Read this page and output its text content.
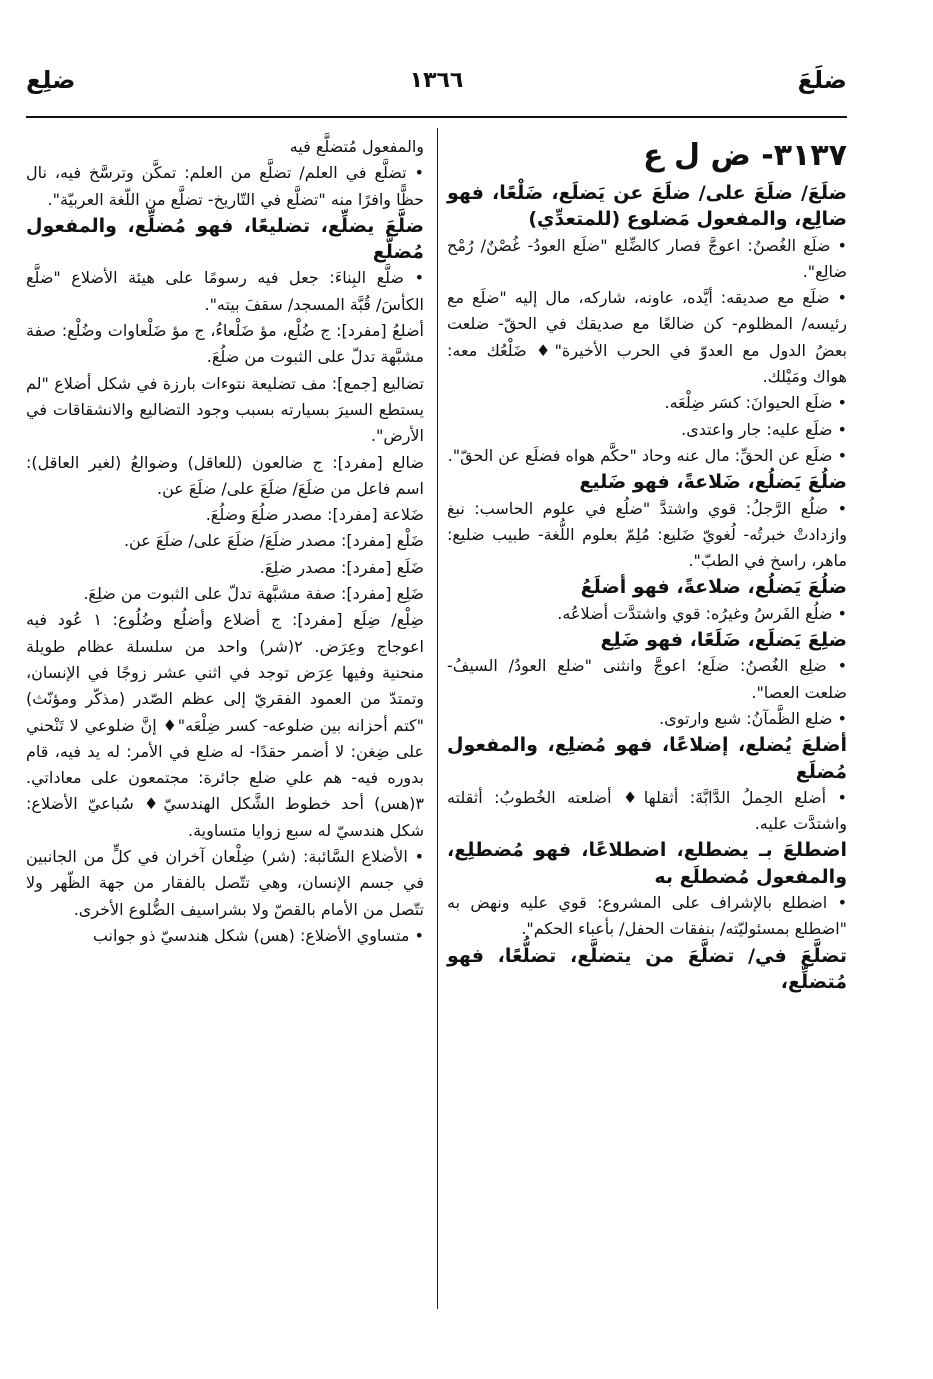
ضلَعَ
١٣٦٦
ضلِع
٣١٣٧- ض ل ع

ضلَعَ/ ضلَعَ على/ ضلَعَ عن يَضلَع، ضَلْعًا، فهو ضالِع، والمفعول مَضلوع (للمتعدِّي)

• ضلَع الغُصنُ: اعوجَّ فصار كالضِّلع "ضلَع العودُ- غُصْنٌ/ رُمْح ضالِع".

• ضلَع مع صديقه: أيَّده، عاونه، شاركه، مال إليه "ضلَع مع رئيسه/ المظلوم- كن ضالعًا مع صديقك في الحقّ- ضلعت بعضُ الدول مع العدوّ في الحرب الأخيرة"♦ ضَلْعُك معه: هواك ومَيْلك.

• ضلَع الحيوانَ: كسَر ضِلْعَه.

• ضلَع عليه: جار واعتدى.

• ضلَع عن الحقِّ: مال عنه وحاد "حكَّم هواه فضلَع عن الحقّ".

ضلُعَ يَضلُع، ضَلاعةً، فهو ضَليع

• ضلُع الرَّجلُ: قوي واشتدَّ "ضلُع في علوم الحاسب: نبغ وازدادتْ خبرتُه- لُغويّ ضَليع: مُلِمّ بعلوم اللُّغة- طبيب ضليع: ماهر، راسخ في الطبّ".

ضلُعَ يَضلُع، ضلاعةً، فهو أضلَعُ

• ضلُع الفَرسُ وغيرُه: قوي واشتدَّت أضلاعُه.

ضلِعَ يَضلَع، ضَلَعًا، فهو ضَلِع

• ضلِع الغُصنُ: ضلَع؛ اعوجَّ وانثنى "ضلع العودُ/ السيفُ- ضلعت العصا".

• ضلع الظَّمآنُ: شبع وارتوى.

أضلعَ يُضلع، إضلاعًا، فهو مُضلِع، والمفعول مُضلَع

• أضلع الحِملُ الدَّابَّةَ: أثقلها♦ أضلعته الخُطوبُ: أثقلته واشتدَّت عليه.

اضطلعَ بـ يضطلع، اضطلاعًا، فهو مُضطلِع، والمفعول مُضطلَع به

• اضطلع بالإشراف على المشروع: قوي عليه ونهض به "اضطلع بمسئوليّته/ بنفقات الحفل/ بأعباء الحكم".

تضلَّعَ في/ تضلَّعَ من يتضلَّع، تضلُّعًا، فهو مُتضلِّع،

والمفعول مُتضلَّع فيه

• تضلَّع في العلم/ تضلَّع من العلم: تمكَّن وترسَّخ فيه، نال حظًّا وافرًا منه "تضلَّع في التّاريخ- تضلَّع من اللّغة العربيّة".

ضلَّعَ يضلِّع، تضليعًا، فهو مُضلِّع، والمفعول مُضلَّع

• ضلَّع البِناءَ: جعل فيه رسومًا على هيئة الأضلاع "ضلَّع الكأسَ/ قُبَّة المسجد/ سقفَ بيته".

أضلعُ [مفرد]: ج ضُلْع، مؤ ضَلْعاءُ، ج مؤ ضَلْعاوات وضُلْع: صفة مشبَّهة تدلّ على الثبوت من ضلُعَ.

تضاليع [جمع]: مف تضليعة نتوءات بارزة في شكل أضلاع "لم يستطع السيرَ بسيارته بسبب وجود التضاليع والانشقاقات في الأرض".

ضالع [مفرد]: ج ضالعون (للعاقل) وضوالعُ (لغير العاقل): اسم فاعل من ضلَعَ/ ضلَعَ على/ ضلَعَ عن.

ضَلاعة [مفرد]: مصدر ضلُعَ وضلُعَ.

ضَلْع [مفرد]: مصدر ضلَعَ/ ضلَعَ على/ ضلَعَ عن.

ضَلَع [مفرد]: مصدر ضلِعَ.

ضَلِع [مفرد]: صفة مشبَّهة تدلّ على الثبوت من ضلِعَ.

ضِلْع/ ضِلَع [مفرد]: ج أضلاع وأضلُع وضُلُوع: ١ عُود فيه اعوجاج وعِرَض. ٢(شر) واحد من سلسلة عظام طويلة منحنية وفيها عِرَض توجد في اثني عشر زوجًا في الإنسان، وتمتدّ من العمود الفقريّ إلى عظم الصّدر (مذكّر ومؤنّث) "كتم أحزانه بين ضلوعه- كسر ضِلْعَه"♦ إنَّ ضلوعي لا تَنْحني على ضِغن: لا أضمر حقدًا- له ضلع في الأمر: له يد فيه، قام بدوره فيه- هم علي ضلع جائرة: مجتمعون على معاداتي. ٣(هس) أحد خطوط الشَّكل الهندسيّ♦ سُباعيّ الأضلاع: شكل هندسيّ له سبع زوايا متساوية.

• الأضلاع السَّائبة: (شر) ضِلْعان آخران في كلٍّ من الجانبين في جسم الإنسان، وهي تتّصل بالفقار من جهة الظّهر ولا تتّصل من الأمام بالقصّ ولا بشراسيف الضُّلوع الأخرى.

• متساوي الأضلاع: (هس) شكل هندسيّ ذو جوانب
